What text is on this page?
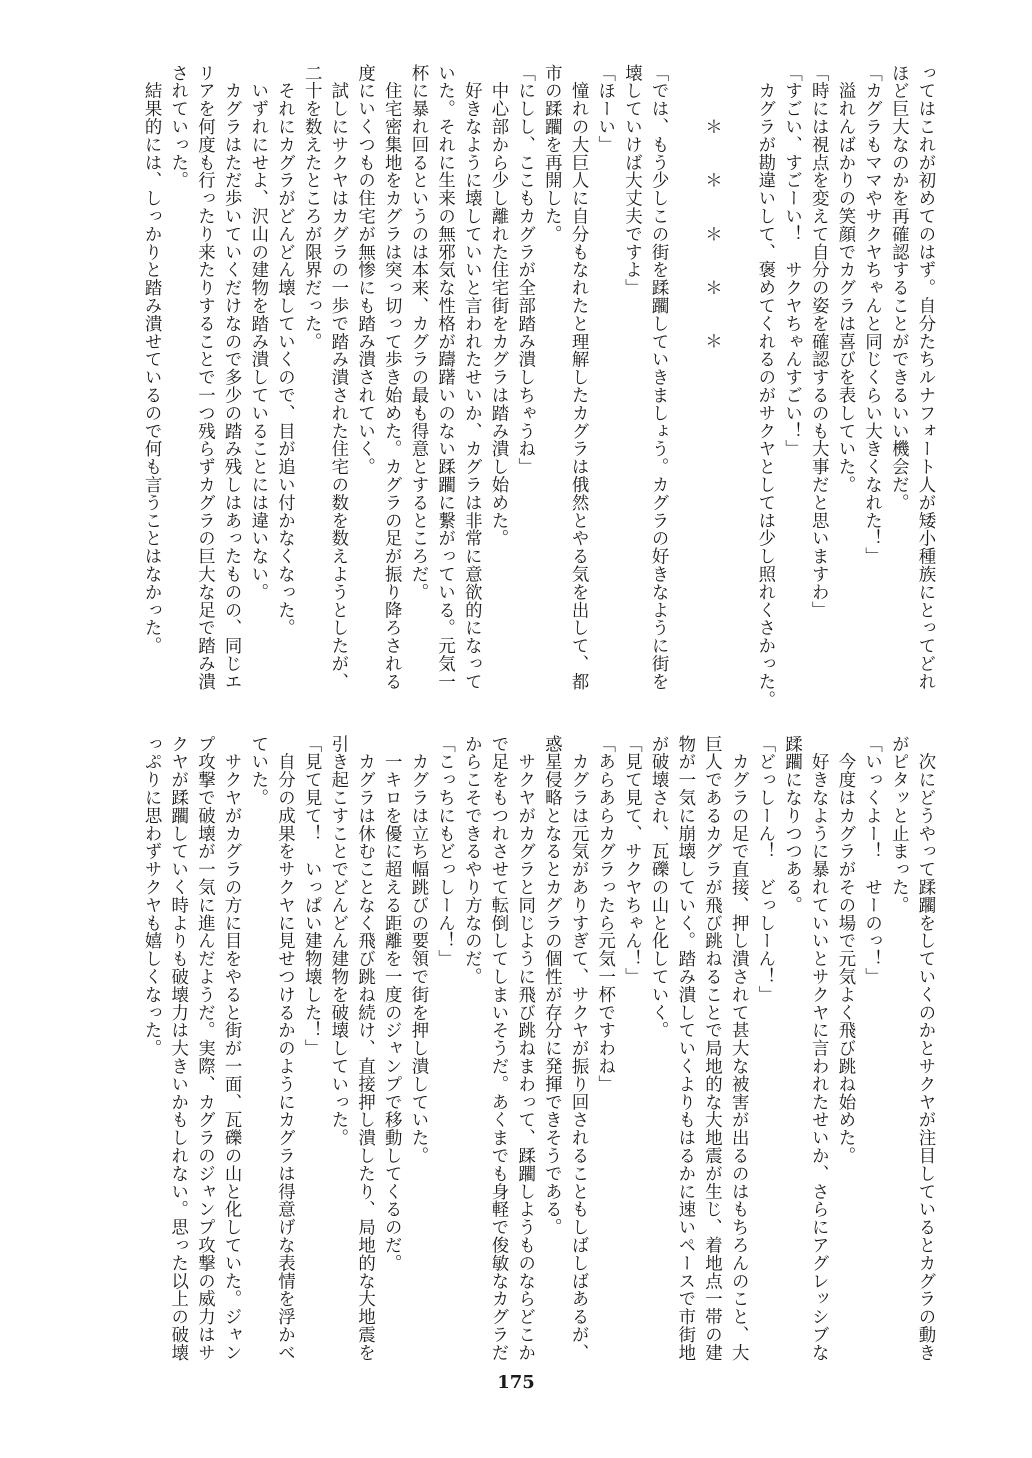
ってはこれが初めてのはず。自分たちルナフォート人が矮小種族にとってどれ
ほど巨大なのかを再確認することができるいい機会だ。
「カグラもママやサクヤちゃんと同じくらい大きくなれた！」
　溢れんばかりの笑顔でカグラは喜びを表していた。
「時には視点を変えて自分の姿を確認するのも大事だと思いますわ」
「すごい、すごーい！　サクヤちゃんすごい！」
　カグラが勘違いして、褒めてくれるのがサクヤとしては少し照れくさかった。
　　　＊　　＊　　＊　　＊　　＊
「では、もう少しこの街を蹂躙していきましょう。カグラの好きなように街を
壊していけば大丈夫ですよ」
「ほーい」
　憧れの大巨人に自分もなれたと理解したカグラは俄然とやる気を出して、都
市の蹂躙を再開した。
「にしし、ここもカグラが全部踏み潰しちゃうね」
　中心部から少し離れた住宅街をカグラは踏み潰し始めた。
　好きなように壊していいと言われたせいか、カグラは非常に意欲的になって
いた。それに生来の無邪気な性格が躊躇いのない蹂躙に繋がっている。元気一
杯に暴れ回るというのは本来、カグラの最も得意とするところだ。
　住宅密集地をカグラは突っ切って歩き始めた。カグラの足が振り降ろされる
度にいくつもの住宅が無惨にも踏み潰されていく。
　試しにサクヤはカグラの一歩で踏み潰された住宅の数を数えようとしたが、
二十を数えたところが限界だった。
　それにカグラがどんどん壊していくので、目が追い付かなくなった。
　いずれにせよ、沢山の建物を踏み潰していることには違いない。
　カグラはただ歩いていくだけなので多少の踏み残しはあったものの、同じエ
リアを何度も行ったり来たりすることで一つ残らずカグラの巨大な足で踏み潰
されていった。
　結果的には、しっかりと踏み潰せているので何も言うことはなかった。
　次にどうやって蹂躙をしていくのかとサクヤが注目しているとカグラの動き
がピタッと止まった。
「いっくよー！　せーのっ！」
　今度はカグラがその場で元気よく飛び跳ね始めた。
　好きなように暴れていいとサクヤに言われたせいか、さらにアグレッシブな
蹂躙になりつつある。
「どっしーん！　どっしーん！」
　カグラの足で直接、押し潰されて甚大な被害が出るのはもちろんのこと、大
巨人であるカグラが飛び跳ねることで局地的な大地震が生じ、着地点一帯の建
物が一気に崩壊していく。踏み潰していくよりもはるかに速いペースで市街地
が破壊され、瓦礫の山と化していく。
「見て見て、サクヤちゃん！」
「あらあらカグラったら元気一杯ですわね」
　カグラは元気がありすぎて、サクヤが振り回されることもしばしばあるが、
惑星侵略となるとカグラの個性が存分に発揮できそうである。
　サクヤがカグラと同じように飛び跳ねまわって、蹂躙しようものならどこか
で足をもつれさせて転倒してしまいそうだ。あくまでも身軽で俊敏なカグラだ
からこそできるやり方なのだ。
「こっちにもどっしーん！」
　カグラは立ち幅跳びの要領で街を押し潰していた。
　一キロを優に超える距離を一度のジャンプで移動してくるのだ。
　カグラは休むことなく飛び跳ね続け、直接押し潰したり、局地的な大地震を
引き起こすことでどんどん建物を破壊していった。
「見て見て！　いっぱい建物壊した！」
　自分の成果をサクヤに見せつけるかのようにカグラは得意げな表情を浮かべ
ていた。
　サクヤがカグラの方に目をやると街が一面、瓦礫の山と化していた。ジャン
プ攻撃で破壊が一気に進んだようだ。実際、カグラのジャンプ攻撃の威力はサ
クヤが蹂躙していく時よりも破壊力は大きいかもしれない。思った以上の破壊
っぷりに思わずサクヤも嬉しくなった。
175
